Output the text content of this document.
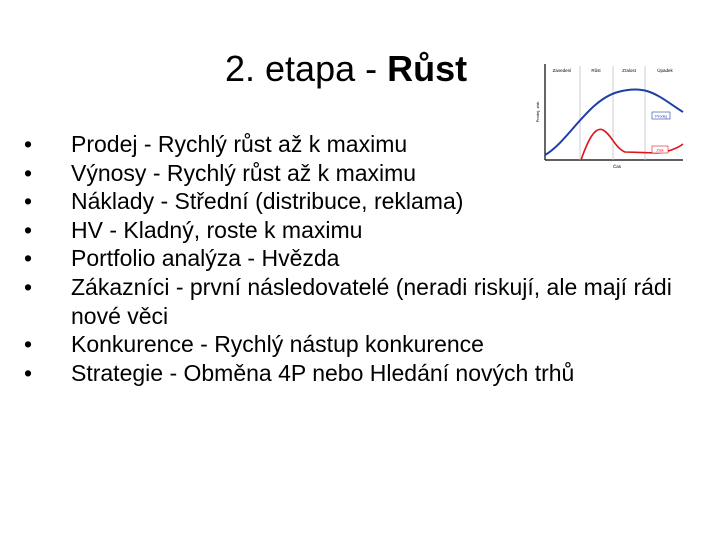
2. etapa - Růst
• Prodej - Rychlý růst až k maximu
• Výnosy - Rychlý růst až k maximu
• Náklady - Střední (distribuce, reklama)
• HV - Kladný, roste k maximu
• Portfolio analýza - Hvězda
• Zákazníci - první následovatelé (neradi riskují, ale mají rádi nové věci
• Konkurence - Rychlý nástup konkurence
• Strategie - Obměna 4P nebo Hledání nových trhů
Zavedení	Růst	Zralost	Úpadek
Prodej, zisk
Čas
Prodej
Zisk
